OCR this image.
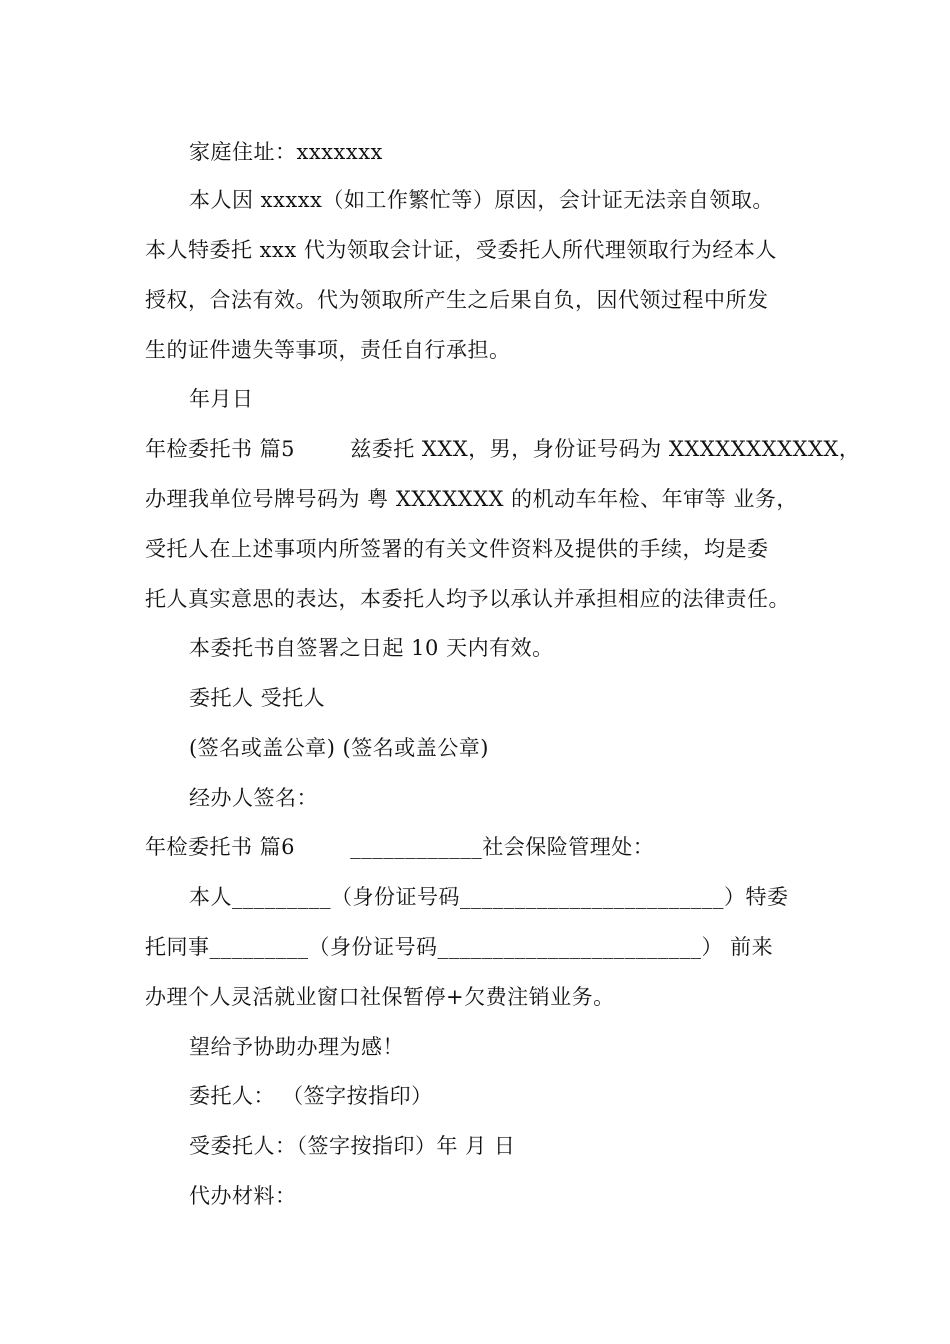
家庭住址：xxxxxxx
本人因 xxxxx（如工作繁忙等）原因，会计证无法亲自领取。
本人特委托 xxx 代为领取会计证，受委托人所代理领取行为经本人
授权，合法有效。代为领取所产生之后果自负，因代领过程中所发
生的证件遗失等事项，责任自行承担。
年月日
年检委托书 篇5	兹委托 XXX，男，身份证号码为 XXXXXXXXXXX，
办理我单位号牌号码为 粤 XXXXXXX 的机动车年检、年审等 业务，
受托人在上述事项内所签署的有关文件资料及提供的手续，均是委
托人真实意思的表达，本委托人均予以承认并承担相应的法律责任。
本委托书自签署之日起 10 天内有效。
委托人 受托人
(签名或盖公章) (签名或盖公章)
经办人签名：
年检委托书 篇6	____________社会保险管理处：
本人_________（身份证号码________________________）特委
托同事_________（身份证号码________________________） 前来
办理个人灵活就业窗口社保暂停+欠费注销业务。
望给予协助办理为感！
委托人： （签字按指印）
受委托人：（签字按指印）年 月 日
代办材料：
